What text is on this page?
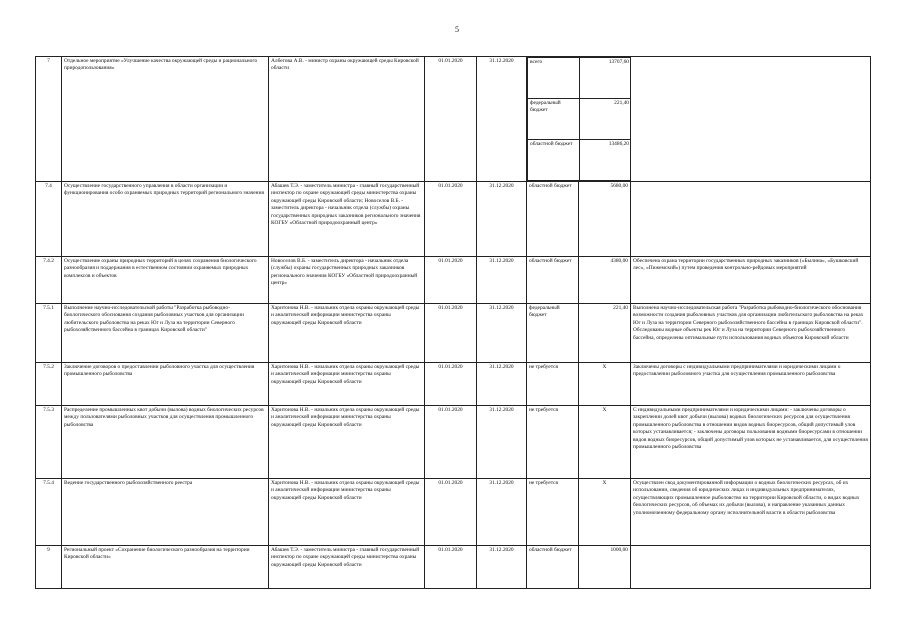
5
7	Отдельное мероприятие «Улучшение качества окружающей среды и рационального природопользования»	Албегова А.В. - министр охраны окружающей среды Кировской области	01.01.2020	31.12.2020		всего	13707,60
федеральный бюджет	221,40
областной бюджет	13486,20

7.4	Осуществление государственного управления в области организации и функционирования особо охраняемых природных территорий регионального значения	Абашев Т.Э. - заместитель министра - главный государственный инспектор по охране окружающей среды министерства охраны окружающей среды Кировской области; Новоселов В.Б. - заместитель директора - начальник отдела (службы) охраны государственных природных заказников регионального значения КОГБУ «Областной природоохранный центр»	01.01.2020	31.12.2020	областной бюджет	5680,00	
7.4.2	Осуществление охраны природных территорий в целях сохранения биологического разнообразия и поддержания в естественном состоянии охраняемых природных комплексов и объектов	Новоселов В.Б. - заместитель директора - начальник отдела (службы) охраны государственных природных заказников регионального значения КОГБУ «Областной природоохранный центр»	01.01.2020	31.12.2020	областной бюджет	4380,00	Обеспечена охрана территории государственных природных заказников («Былина», «Бушковский лес», «Пижемский») путем проведения контрольно-рейдовых мероприятий
7.5.1	Выполнение научно-исследовательской работы "Разработка рыбоводно-биологического обоснования создания рыболовных участков для организации любительского рыболовства на реках Юг и Луза на территории Северного рыбохозяйственного бассейна в границах Кировской области"	Харитонова Н.В. - начальник отдела охраны окружающей среды и аналитической информации министерства охраны окружающей среды Кировской области	01.01.2020	31.12.2020	федеральный бюджет	221,40	Выполнена научно-исследовательская работа "Разработка рыбоводно-биологического обоснования возможности создания рыболовных участков для организации любительского рыболовства на реках Юг и Луза на территории Северного рыбохозяйственного бассейна в границах Кировской области". Обследованы водные объекты рек Юг и Луза на территории Северного рыбохозяйственного бассейна, определены оптимальные пути использования водных объектов Кировской области
7.5.2	Заключение договоров о предоставлении рыболовного участка для осуществления промышленного рыболовства	Харитонова Н.В. - начальник отдела охраны окружающей среды и аналитической информации министерства охраны окружающей среды Кировской области	01.01.2020	31.12.2020	не требуется	Х	Заключены договоры с индивидуальными предпринимателями и юридическими лицами о предоставлении рыболовного участка для осуществления промышленного рыболовства
7.5.3	Распределение промышленных квот добычи (вылова) водных биологических ресурсов между пользователями рыболовных участков для осуществления промышленного рыболовства	Харитонова Н.В. - начальник отдела охраны окружающей среды и аналитической информации министерства охраны окружающей среды Кировской области	01.01.2020	31.12.2020	не требуется	Х	С индивидуальными предпринимателями и юридическими лицами: - заключены договоры о закреплении долей квот добычи (вылова) водных биологических ресурсов для осуществления промышленного рыболовства в отношении видов водных биоресурсов, общий допустимый улов которых устанавливается; - заключены договоры пользования водными биоресурсами в отношении видов водных биоресурсов, общий допустимый улов которых не устанавливается, для осуществления промышленного рыболовства
7.5.4	Ведение государственного рыбохозяйственного реестра	Харитонова Н.В. - начальник отдела охраны окружающей среды и аналитической информации министерства охраны окружающей среды Кировской области	01.01.2020	31.12.2020	не требуется	Х	Осуществлен свод документированной информации о водных биологических ресурсах, об их использовании, сведения об юридических лицах и индивидуальных предпринимателях, осуществляющих промышленное рыболовство на территории Кировской области, о видах водных биологических ресурсов, об объемах их добычи (вылова), и направление указанных данных уполномоченному федеральному органу исполнительной власти в области рыболовства
9	Региональный проект «Сохранение биологического разнообразия на территории Кировской области»	Абашев Т.Э. - заместитель министра - главный государственный инспектор по охране окружающей среды министерства охраны окружающей среды Кировской области	01.01.2020	31.12.2020	областной бюджет	1000,00	
